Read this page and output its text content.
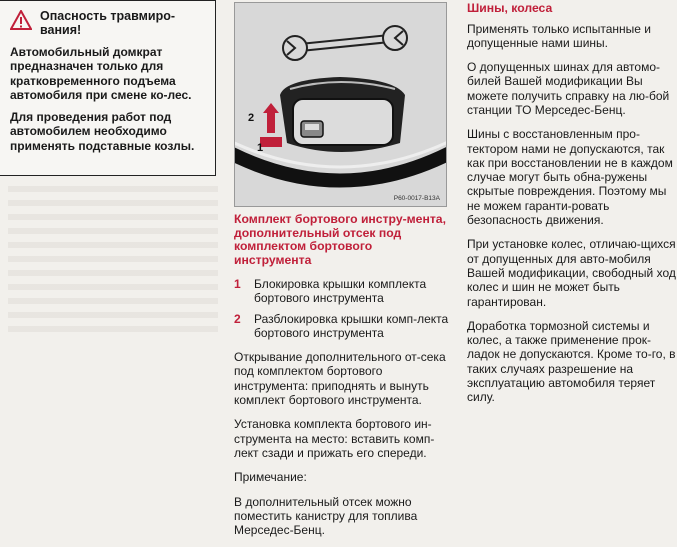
Опасность травмиро-
вания!

Автомобильный домкрат предназначен только для кратковременного подъема автомобиля при смене ко-лес.

Для проведения работ под автомобилем необходимо применять подставные козлы.

2
1
P60-0017-B13A
Комплект бортового инстру-мента, дополнительный отсек под комплектом бортового инструмента
1	Блокировка крышки комплекта бортового инструмента
2	Разблокировка крышки комп-лекта бортового инструмента

Открывание дополнительного от-сека под комплектом бортового инструмента: приподнять и вынуть комплект бортового инструмента.

Установка комплекта бортового ин-струмента на место: вставить комп-лект сзади и прижать его спереди.

Примечание:

В дополнительный отсек можно поместить канистру для топлива Мерседес-Бенц.

Шины, колеса

Применять только испытанные и допущенные нами шины.

О допущенных шинах для автомо-билей Вашей модификации Вы можете получить справку на лю-бой станции ТО Мерседес-Бенц.

Шины с восстановленным про-тектором нами не допускаются, так как при восстановлении не в каждом случае могут быть обна-ружены скрытые повреждения. Поэтому мы не можем гаранти-ровать безопасность движения.

При установке колес, отличаю-щихся от допущенных для авто-мобиля Вашей модификации, свободный ход колес и шин не может быть гарантирован.

Доработка тормозной системы и колес, а также применение прок-ладок не допускаются. Кроме то-го, в таких случаях разрешение на эксплуатацию автомобиля теряет силу.
